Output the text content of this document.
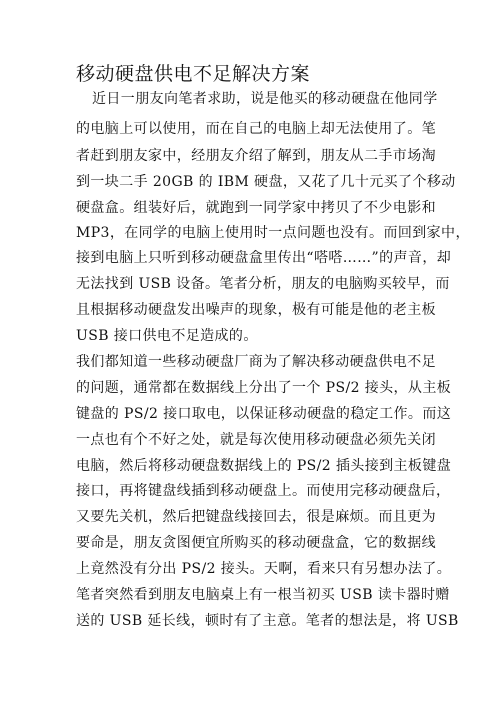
移动硬盘供电不足解决方案
近日一朋友向笔者求助，说是他买的移动硬盘在他同学
的电脑上可以使用，而在自己的电脑上却无法使用了。笔
者赶到朋友家中，经朋友介绍了解到，朋友从二手市场淘
到一块二手 20GB 的 IBM 硬盘，又花了几十元买了个移动
硬盘盒。组装好后，就跑到一同学家中拷贝了不少电影和
MP3，在同学的电脑上使用时一点问题也没有。而回到家中，
接到电脑上只听到移动硬盘盒里传出“嗒嗒……”的声音，却
无法找到 USB 设备。笔者分析，朋友的电脑购买较早，而
且根据移动硬盘发出噪声的现象，极有可能是他的老主板
USB 接口供电不足造成的。
我们都知道一些移动硬盘厂商为了解决移动硬盘供电不足
的问题，通常都在数据线上分出了一个 PS/2 接头，从主板
键盘的 PS/2 接口取电，以保证移动硬盘的稳定工作。而这
一点也有个不好之处，就是每次使用移动硬盘必须先关闭
电脑，然后将移动硬盘数据线上的 PS/2 插头接到主板键盘
接口，再将键盘线插到移动硬盘上。而使用完移动硬盘后，
又要先关机，然后把键盘线接回去，很是麻烦。而且更为
要命是，朋友贪图便宜所购买的移动硬盘盒，它的数据线
上竟然没有分出 PS/2 接头。天啊，看来只有另想办法了。
笔者突然看到朋友电脑桌上有一根当初买 USB 读卡器时赠
送的 USB 延长线，顿时有了主意。笔者的想法是，将 USB
